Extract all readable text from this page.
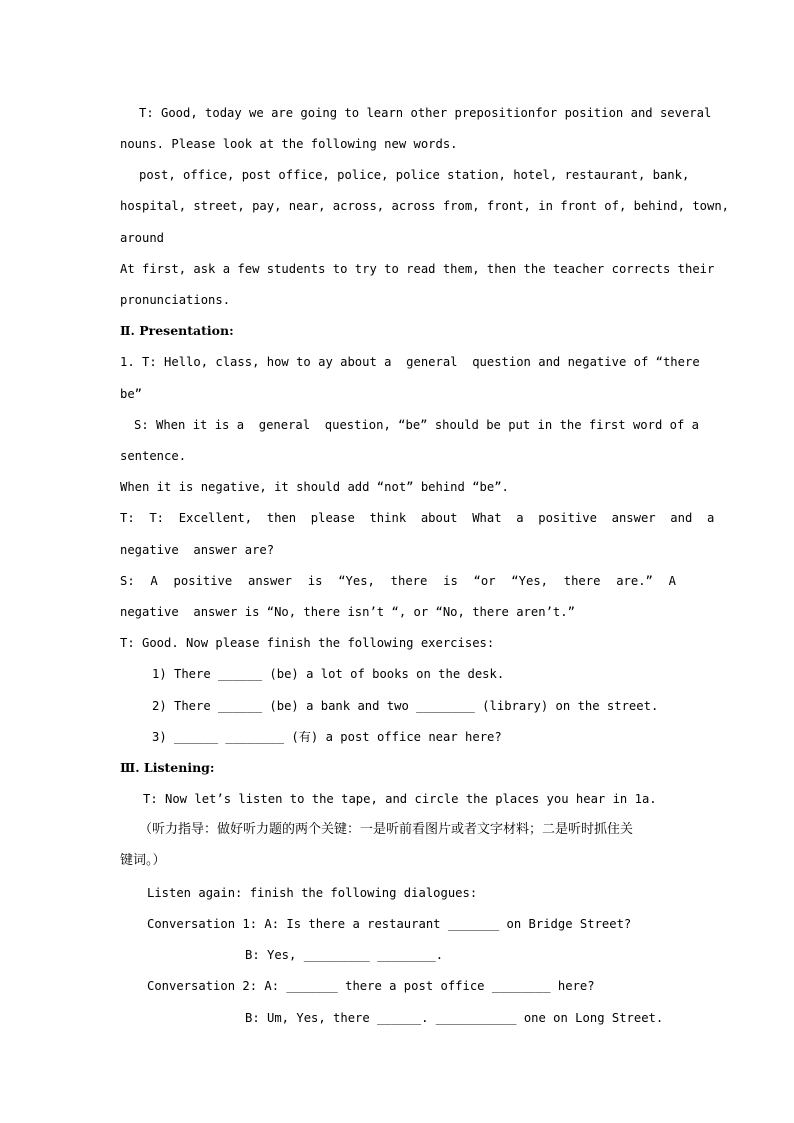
T: Good, today we are going to learn other prepositionfor position and several

nouns. Please look at the following new words.

post, office, post office, police, police station, hotel, restaurant, bank,

hospital, street, pay, near, across, across from, front, in front of, behind, town,

around

At first, ask a few students to try to read them, then the teacher corrects their

pronunciations.

Ⅱ. Presentation:

1. T: Hello, class, how to ay about a  general  question and negative of “there

be”

S: When it is a  general  question, “be” should be put in the first word of a

sentence.

When it is negative, it should add “not” behind “be”.

T:  T:  Excellent,  then  please  think  about  What  a  positive  answer  and  a

negative  answer are?

S:  A  positive  answer  is  “Yes,  there  is  “or  “Yes,  there  are.”  A

negative  answer is “No, there isn’t “, or “No, there aren’t.”

T: Good. Now please finish the following exercises:

1) There ______ (be) a lot of books on the desk.

2) There ______ (be) a bank and two ________ (library) on the street.

3) ______ ________ (有) a post office near here?

Ⅲ. Listening:

T: Now let’s listen to the tape, and circle the places you hear in 1a.

（听力指导：做好听力题的两个关键：一是听前看图片或者文字材料；二是听时抓住关

键词。）

Listen again: finish the following dialogues:

Conversation 1: A: Is there a restaurant _______ on Bridge Street?

B: Yes, _________ ________.

Conversation 2: A: _______ there a post office ________ here?

B: Um, Yes, there ______. ___________ one on Long Street.
